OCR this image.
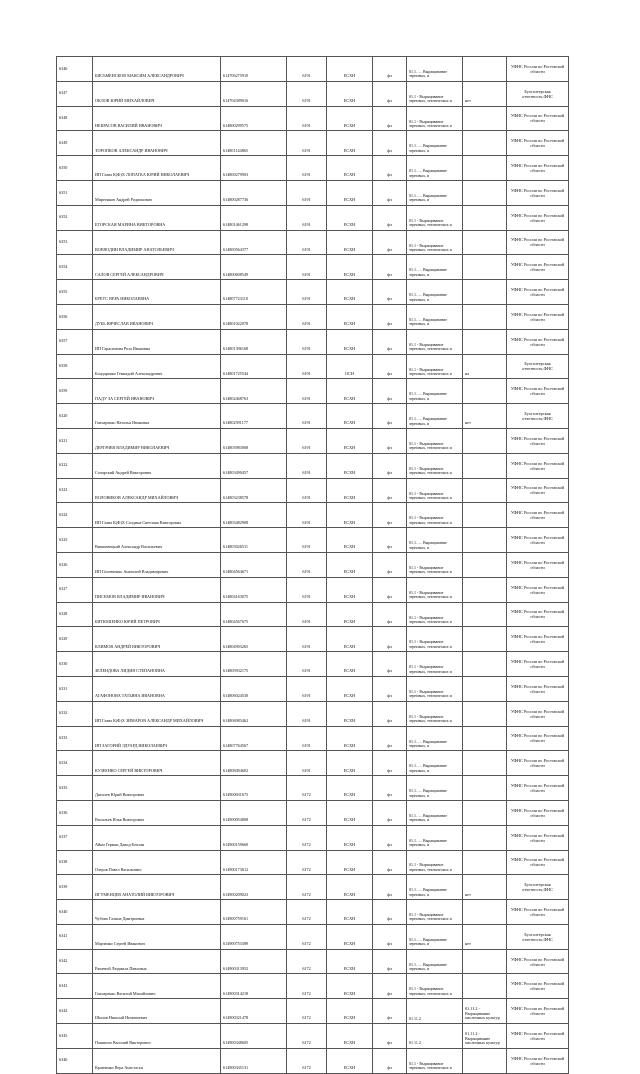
6346	БИСЬМЕНСКОВ МАКСИМ АЛЕКСАНДРОВИЧ	614706275910	6191	ЕСХН	фл	01.1….. Выращивание зерновых, и		УФНС России по Ростовской области
6347	ОКЛОВ ЮРИЙ МИХАЙЛОВИЧ	614704389016	6191	ЕСХН	фл	01.1 - Выращивание зерновых, технических и	нет	Бухгалтерская отчетность,ФНС
6348	НЕКРАСОВ ВАСИЛИЙ ИВАНОВИЧ	614800299575	6191	ЕСХН	фл	01.1 - Выращивание зерновых, технических и		УФНС России по Ростовской области
6349	ТОРОПКОВ АЛЕКСАНДР ИВАНОВИЧ	614801144865	6191	ЕСХН	фл	01.1….. Выращивание зерновых, и		УФНС России по Ростовской области
6350	ИП Глава К(Ф)Х ЛОПАТКА ЮРИЙ НИКОЛАЕВИЧ	614800279903	6191	ЕСХН	фл	01.1….. Выращивание зерновых, и		УФНС России по Ростовской области
6351	Миреенков Андрей Родионович	614800287736	6191	ЕСХН	фл	01.1….. Выращивание зерновых, и		УФНС России по Ростовской области
6352	ЕГОРСКАЯ МАРИНА ВИКТОРОВНА	614801461298	6191	ЕСХН	фл	01.1 - Выращивание зерновых, технических и		УФНС России по Ростовской области
6353	ВОЕВОДИН ВЛАДИМИР АНАТОЛЬЕВИЧ	614800564377	6191	ЕСХН	фл	01.1 - Выращивание зерновых, технических и		УФНС России по Ростовской области
6354	САЛОВ СЕРГЕЙ АЛЕКСАНДРОВИЧ	614800608549	6191	ЕСХН	фл	01.1….. Выращивание зерновых, и		УФНС России по Ростовской области
6355	БРЕУС ВЕРА НИКОЛАЕВНА	614807723110	6191	ЕСХН	фл	01.1….. Выращивание зерновых, и		УФНС России по Ростовской области
6356	ДУБЬ ВЯЧЕСЛАВ ИВАНОВИЧ	614801022078	6191	ЕСХН	фл	01.1….. Выращивание зерновых, и		УФНС России по Ростовской области
6357	ИП Гарасимова Роза Ивановна	614801396168	6191	ЕСХН	фл	01.1 - Выращивание зерновых, технических и		УФНС России по Ростовской области
6358	Бондаренко Геннадий Александрович	614801725544	6191	ОСН	фл	01.1 - Выращивание зерновых, технических и	на	Бухгалтерская отчетность,ФНС
6359	ПАДУ ЗА СЕРГЕЙ ИВАНОВИЧ	614802468763	6191	ЕСХН	фл	01.1….. Выращивание зерновых, и		УФНС России по Ростовской области
6320	Гончаренко Наталья Ивановна	614802591177	6191	ЕСХН	фл	01.1….. Выращивание зерновых, и	нет	Бухгалтерская отчетность,ФНС
6321	ДЕРГАЧЕВ ВЛАДИМИР НИКОЛАЕВИЧ	614803983068	6191	ЕСХН	фл	01.1 - Выращивание зерновых, технических и		УФНС России по Ростовской области
6322	Сочарский Андрей Викторович	614803490457	6191	ЕСХН	фл	01.1 - Выращивание зерновых, технических и		УФНС России по Ростовской области
6323	ВОЛОВИКОВ АЛЕКСАНДР МИХАЙЛОВИЧ	614803238578	6191	ЕСХН	фл	01.1 - Выращивание зерновых, технических и		УФНС России по Ростовской области
6324	ИП Глава К(Ф)Х Солдина Светлана Викторовна	614803482908	6191	ЕСХН	фл	01.1 - Выращивание зерновых, технических и		УФНС России по Ростовской области
6325	Вишневецкий Александр Васильевич	614803026511	6191	ЕСХН	фл	01.1….. Выращивание зерновых, и		УФНС России по Ростовской области
6326	ИП Головченко Анатолий Владимирович	614804564671	6191	ЕСХН	фл	01.1 - Выращивание зерновых, технических и		УФНС России по Ростовской области
6327	ПИСЕМОВ ВЛАДИМИР ИВАНОВИЧ	614804163075	6191	ЕСХН	фл	01.1 - Выращивание зерновых, технических и		УФНС России по Ростовской области
6328	БИТЮШЕНКО ЮРИЙ ПЕТРОВИЧ	614804567675	6191	ЕСХН	фл	01.1 - Выращивание зерновых, технических и		УФНС России по Ростовской области
6329	КЛИМОВ АНДРЕЙ ВИКТОРОВИЧ	614804903265	6191	ЕСХН	фл	01.1 - Выращивание зерновых, технических и		УФНС России по Ростовской области
6330	ЗЕЛЕНДОВА ЛИДИЯ СТЕПАНОВНА	614805932175	6191	ЕСХН	фл	01.1 - Выращивание зерновых, технических и		УФНС России по Ростовской области
6331	АГАФОНОВА ТАТЬЯНА ИВАНОВНА	614806024530	6191	ЕСХН	фл	01.1 - Выращивание зерновых, технических и		УФНС России по Ростовской области
6332	ИП Глава К(Ф)Х ЗИМАРОВ АЛЕКСАНДР МИХАЙЛОВИЧ	614806983462	6191	ЕСХН	фл	01.1 - Выращивание зерновых, технических и		УФНС России по Ростовской области
6333	ИП ЗАГОРИЙ ЭДУАРД НИКОЛАЕВИЧ	614807764567	6191	ЕСХН	фл	01.1….. Выращивание зерновых, и		УФНС России по Ростовской области
6334	КУЗЕЕНКО СЕРГЕЙ ВИКТОРОВИЧ	614808494602	6191	ЕСХН	фл	01.1….. Выращивание зерновых, и		УФНС России по Ростовской области
6335	Дягилев Юрий Викторович	614900031675	6172	ЕСХН	фл	01.1….. Выращивание зерновых, и		УФНС России по Ростовской области
6336	Васильев Илья Викторович	614900054808	6172	ЕСХН	фл	01.1….. Выращивание зерновых, и		УФНС России по Ростовской области
6337	Айни Герман Давид-Бектан	614900159660	6172	ЕСХН	фл	01.1….. Выращивание зерновых, и		УФНС России по Ростовской области
6338	Озеров Павел Васильевич	614900173612	6172	ЕСХН	фл	01.1 - Выращивание зерновых, технических и		УФНС России по Ростовской области
6339	ИГУМЕНЦЕВ АНАТОЛИЙ ВИКТОРОВИЧ	614900209023	6172	ЕСХН	фл	01.1….. Выращивание зерновых, и	нет	Бухгалтерская отчетность,ФНС
6340	Чубова Галина Дмитриевна	614900759161	6172	ЕСХН	фл	01.1 - Выращивание зерновых, технических и		УФНС России по Ростовской области
6341	Марченко Сергей Иванович	614900753389	6172	ЕСХН	фл	01.1….. Выращивание зерновых, и	нет	Бухгалтерская отчетность,ФНС
6342	Рашевой Людмила Павловна	614900313952	6172	ЕСХН	фл	01.1….. Выращивание зерновых, и		УФНС России по Ростовской области
6343	Гончаренко Василий Михайлович	614900314218	6172	ЕСХН	фл	01.1 - Выращивание зерновых, технических и		УФНС России по Ростовской области
6344	Шипов Николай Ничипаевич	614900321478	6172	ЕСХН	фл	01.11.2	01.11.2 - Выращивание масличных культур	УФНС России по Ростовской области
6345	Пашинчо Василий Викторович	614900348605	6172	ЕСХН	фл	01.11.2	01.11.2 - Выращивание масличных культур	УФНС России по Ростовской области
6346	Кравченко Вера Анастасья	614900345131	6172	ЕСХН	фл	01.1 - Выращивание зерновых, технических и		УФНС России по Ростовской области
